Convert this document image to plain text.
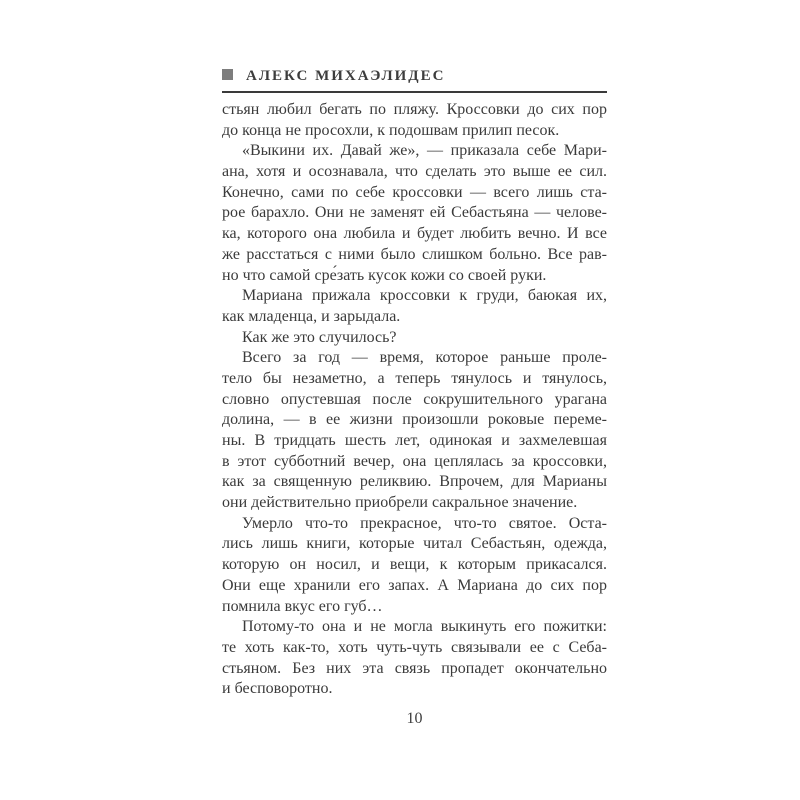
АЛЕКС МИХАЭЛИДЕС
стьян любил бегать по пляжу. Кроссовки до сих пор
до конца не просохли, к подошвам прилип песок.
«Выкини их. Давай же», — приказала себе Мари-
ана, хотя и осознавала, что сделать это выше ее сил.
Конечно, сами по себе кроссовки — всего лишь ста-
рое барахло. Они не заменят ей Себастьяна — челове-
ка, которого она любила и будет любить вечно. И все
же расстаться с ними было слишком больно. Все рав-
но что самой сре́зать кусок кожи со своей руки.
Мариана прижала кроссовки к груди, баюкая их,
как младенца, и зарыдала.
Как же это случилось?
Всего за год — время, которое раньше проле-
тело бы незаметно, а теперь тянулось и тянулось,
словно опустевшая после сокрушительного урагана
долина, — в ее жизни произошли роковые переме-
ны. В тридцать шесть лет, одинокая и захмелевшая
в этот субботний вечер, она цеплялась за кроссовки,
как за священную реликвию. Впрочем, для Марианы
они действительно приобрели сакральное значение.
Умерло что-то прекрасное, что-то святое. Оста-
лись лишь книги, которые читал Себастьян, одежда,
которую он носил, и вещи, к которым прикасался.
Они еще хранили его запах. А Мариана до сих пор
помнила вкус его губ…
Потому-то она и не могла выкинуть его пожитки:
те хоть как-то, хоть чуть-чуть связывали ее с Себа-
стьяном. Без них эта связь пропадет окончательно
и бесповоротно.
10
